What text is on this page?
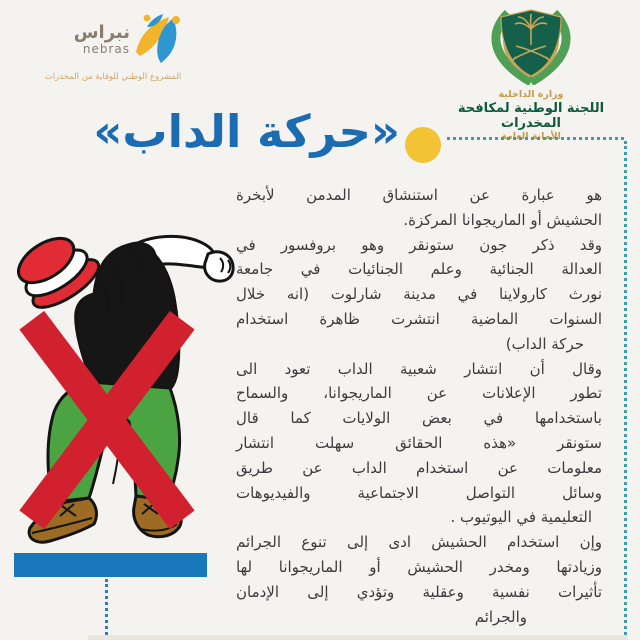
نبراس
nebras
المشروع الوطني للوقاية من المخدرات
وزارة الداخلية
اللجنة الوطنية لمكافحة المخدرات
الأمانة العامة
«حركة الداب»
هو عبارة عن استنشاق المدمن لأبخرة
الحشيش أو الماريجوانا المركزة.
وقد ذكر جون ستونقر وهو بروفسور في
العدالة الجنائية وعلم الجنائيات في جامعة
نورث كارولاينا في مدينة شارلوت (انه خلال
السنوات الماضية انتشرت ظاهرة استخدام
حركة الداب)
وقال أن انتشار شعبية الداب تعود الى
تطور الإعلانات عن الماريجوانا، والسماح
باستخدامها في بعض الولايات كما قال
ستونقر «هذه الحقائق سهلت انتشار
معلومات عن استخدام الداب عن طريق
وسائل التواصل الاجتماعية والفيديوهات
التعليمية في اليوتيوب .
وإن استخدام الحشيش ادى إلى تنوع الجرائم
وزيادتها ومخدر الحشيش أو الماريجوانا لها
تأثيرات نفسية وعقلية وتؤدي إلى الإدمان
والجرائم
